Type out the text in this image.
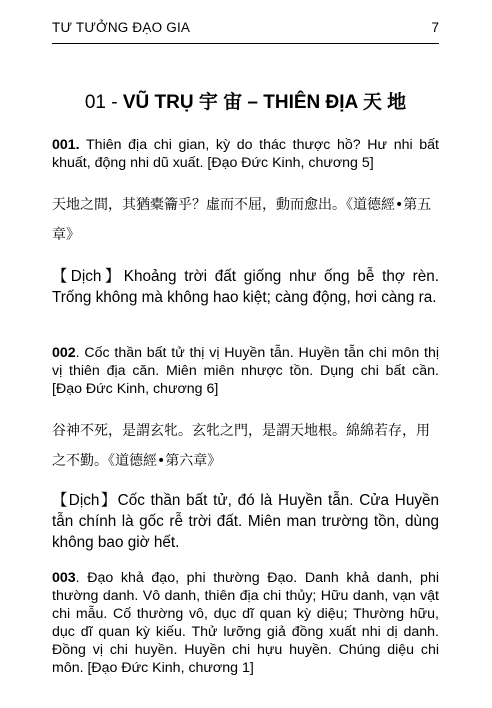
TƯ TƯỞNG ĐẠO GIA	7
01 - VŨ TRỤ 宇 宙 – THIÊN ĐỊA 天 地
001. Thiên địa chi gian, kỳ do thác thược hồ? Hư nhi bất khuất, động nhi dũ xuất. [Đạo Đức Kinh, chương 5]
天地之間，其猶橐籥乎？虛而不屈，動而愈出。《道德經•第五章》
【Dịch】Khoảng trời đất giống như ống bễ thợ rèn. Trống không mà không hao kiệt; càng động, hơi càng ra.
002. Cốc thần bất tử thị vị Huyền tẫn. Huyền tẫn chi môn thị vị thiên địa căn. Miên miên nhược tồn. Dụng chi bất cần. [Đạo Đức Kinh, chương 6]
谷神不死，是謂玄牝。玄牝之門，是謂天地根。綿綿若存，用之不勤。《道德經•第六章》
【Dịch】Cốc thần bất tử, đó là Huyền tẫn. Cửa Huyền tẫn chính là gốc rễ trời đất. Miên man trường tồn, dùng không bao giờ hết.
003. Đạo khả đạo, phi thường Đạo. Danh khả danh, phi thường danh. Vô danh, thiên địa chi thủy; Hữu danh, vạn vật chi mẫu. Cố thường vô, dục dĩ quan kỳ diệu; Thường hữu, dục dĩ quan kỳ kiếu. Thử lưỡng giả đồng xuất nhi dị danh. Đồng vị chi huyền. Huyền chi hựu huyền. Chúng diệu chi môn. [Đạo Đức Kinh, chương 1]
